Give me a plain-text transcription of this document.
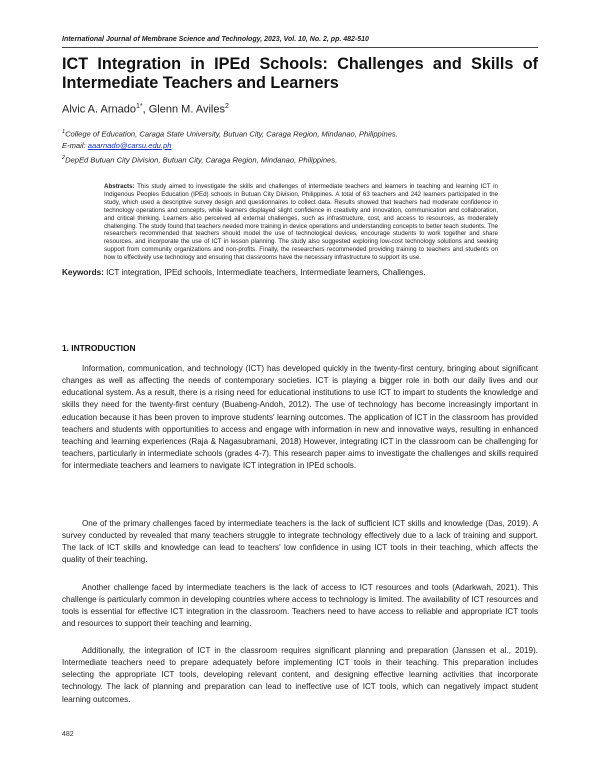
International Journal of Membrane Science and Technology, 2023, Vol. 10, No. 2, pp. 482-510
ICT Integration in IPEd Schools: Challenges and Skills of Intermediate Teachers and Learners
Alvic A. Arnado$^{1*}$, Glenn M. Aviles$^2$
$^1$College of Education, Caraga State University, Butuan City, Caraga Region, Mindanao, Philippines.
E-mail: aaarnado@carsu.edu.ph
$^2$DepEd Butuan City Division, Butuan City, Caraga Region, Mindanao, Philippines.
Abstracts: This study aimed to investigate the skills and challenges of intermediate teachers and learners in teaching and learning ICT in Indigenous Peoples Education (IPEd) schools in Butuan City Division, Philippines. A total of 63 teachers and 242 learners participated in the study, which used a descriptive survey design and questionnaires to collect data. Results showed that teachers had moderate confidence in technology operations and concepts, while learners displayed slight confidence in creativity and innovation, communication and collaboration, and critical thinking. Learners also perceived all external challenges, such as infrastructure, cost, and access to resources, as moderately challenging. The study found that teachers needed more training in device operations and understanding concepts to better teach students. The researchers recommended that teachers should model the use of technological devices, encourage students to work together and share resources, and incorporate the use of ICT in lesson planning. The study also suggested exploring low-cost technology solutions and seeking support from community organizations and non-profits. Finally, the researchers recommended providing training to teachers and students on how to effectively use technology and ensuring that classrooms have the necessary infrastructure to support its use.
Keywords: ICT integration, IPEd schools, Intermediate teachers, Intermediate learners, Challenges.
1. INTRODUCTION

Information, communication, and technology (ICT) has developed quickly in the twenty-first century, bringing about significant changes as well as affecting the needs of contemporary societies. ICT is playing a bigger role in both our daily lives and our educational system. As a result, there is a rising need for educational institutions to use ICT to impart to students the knowledge and skills they need for the twenty-first century (Buabeng-Andoh, 2012). The use of technology has become increasingly important in education because it has been proven to improve students' learning outcomes. The application of ICT in the classroom has provided teachers and students with opportunities to access and engage with information in new and innovative ways, resulting in enhanced teaching and learning experiences (Raja & Nagasubramani, 2018) However, integrating ICT in the classroom can be challenging for teachers, particularly in intermediate schools (grades 4-7). This research paper aims to investigate the challenges and skills required for intermediate teachers and learners to navigate ICT integration in IPEd schools.

One of the primary challenges faced by intermediate teachers is the lack of sufficient ICT skills and knowledge (Das, 2019). A survey conducted by revealed that many teachers struggle to integrate technology effectively due to a lack of training and support. The lack of ICT skills and knowledge can lead to teachers' low confidence in using ICT tools in their teaching, which affects the quality of their teaching.

Another challenge faced by intermediate teachers is the lack of access to ICT resources and tools (Adarkwah, 2021). This challenge is particularly common in developing countries where access to technology is limited. The availability of ICT resources and tools is essential for effective ICT integration in the classroom. Teachers need to have access to reliable and appropriate ICT tools and resources to support their teaching and learning.

Additionally, the integration of ICT in the classroom requires significant planning and preparation (Janssen et al., 2019). Intermediate teachers need to prepare adequately before implementing ICT tools in their teaching. This preparation includes selecting the appropriate ICT tools, developing relevant content, and designing effective learning activities that incorporate technology. The lack of planning and preparation can lead to ineffective use of ICT tools, which can negatively impact student learning outcomes.

482
